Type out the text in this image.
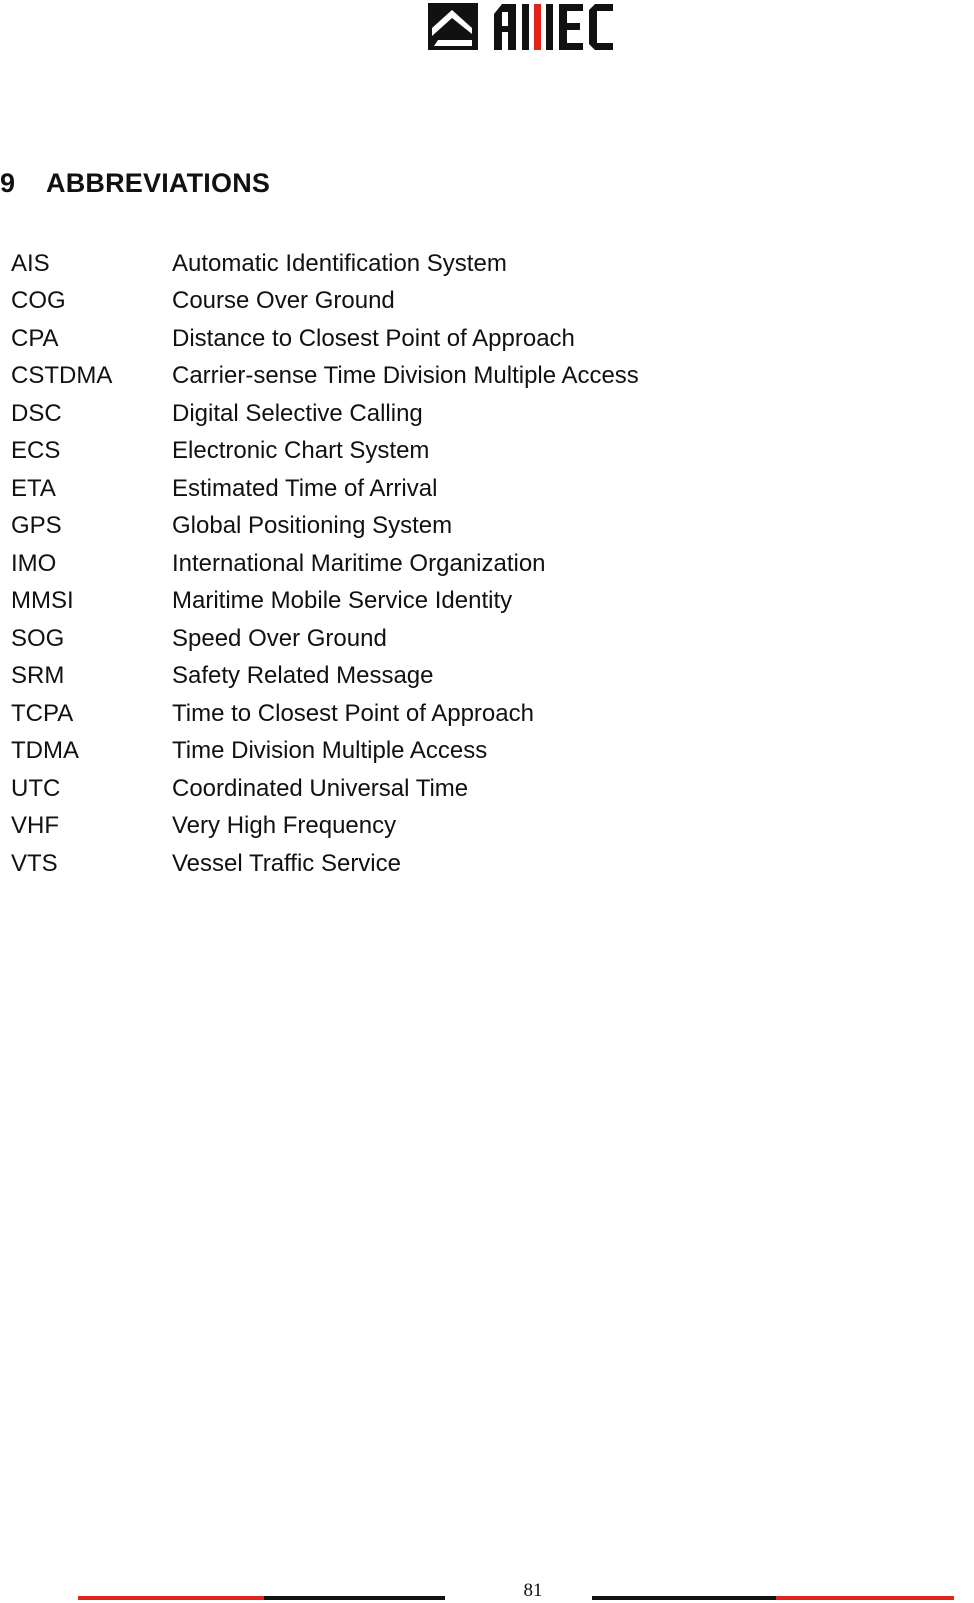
9 ABBREVIATIONS
AIS	Automatic Identification System
COG	Course Over Ground
CPA	Distance to Closest Point of Approach
CSTDMA	Carrier-sense Time Division Multiple Access
DSC	Digital Selective Calling
ECS	Electronic Chart System
ETA	Estimated Time of Arrival
GPS	Global Positioning System
IMO	International Maritime Organization
MMSI	Maritime Mobile Service Identity
SOG	Speed Over Ground
SRM	Safety Related Message
TCPA	Time to Closest Point of Approach
TDMA	Time Division Multiple Access
UTC	Coordinated Universal Time
VHF	Very High Frequency
VTS	Vessel Traffic Service
81
